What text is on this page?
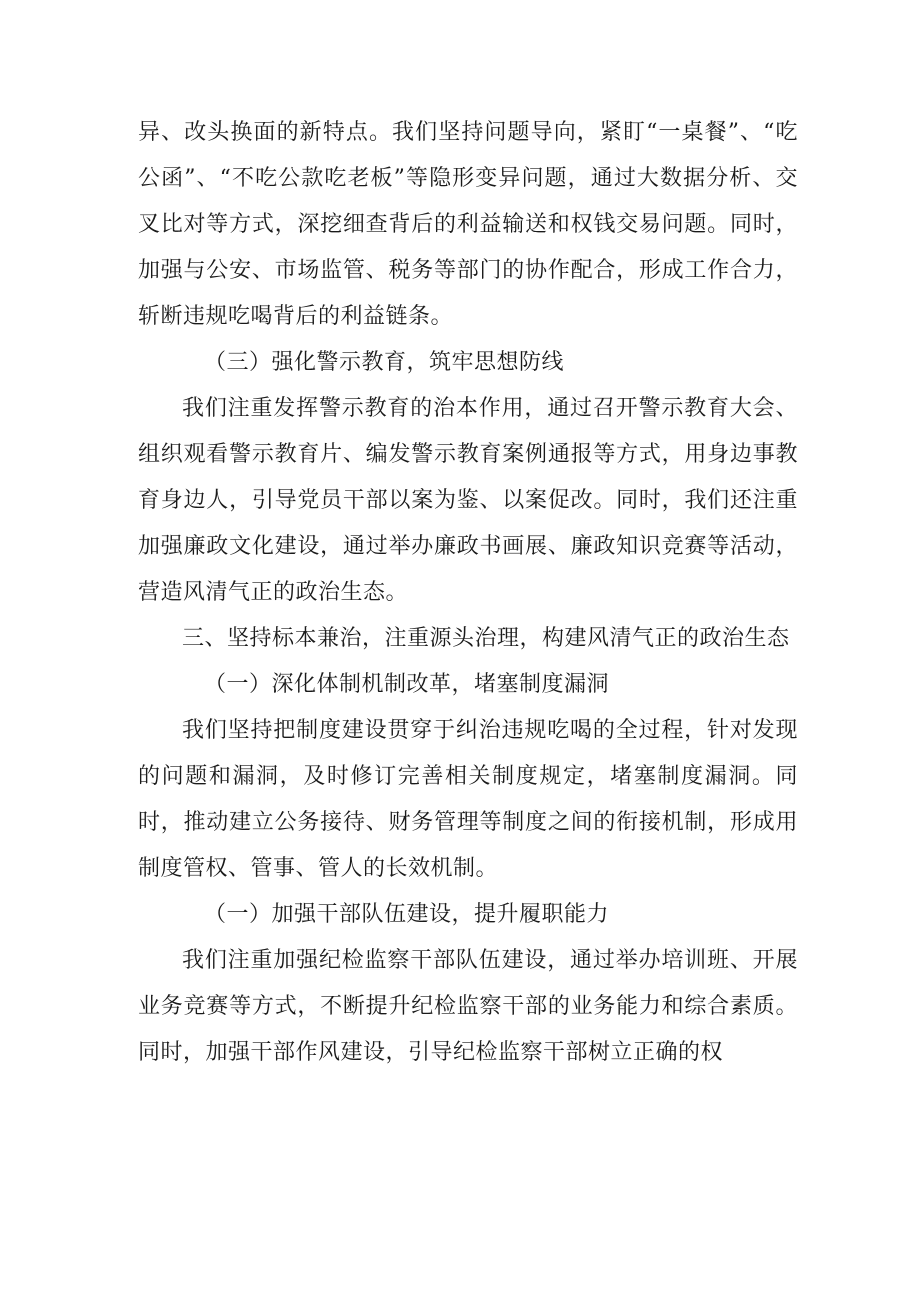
异、改头换面的新特点。我们坚持问题导向，紧盯“一桌餐”、“吃公函”、“不吃公款吃老板”等隐形变异问题，通过大数据分析、交叉比对等方式，深挖细查背后的利益输送和权钱交易问题。同时，加强与公安、市场监管、税务等部门的协作配合，形成工作合力，斩断违规吃喝背后的利益链条。

（三）强化警示教育，筑牢思想防线

我们注重发挥警示教育的治本作用，通过召开警示教育大会、组织观看警示教育片、编发警示教育案例通报等方式，用身边事教育身边人，引导党员干部以案为鉴、以案促改。同时，我们还注重加强廉政文化建设，通过举办廉政书画展、廉政知识竞赛等活动，营造风清气正的政治生态。

三、坚持标本兼治，注重源头治理，构建风清气正的政治生态

（一）深化体制机制改革，堵塞制度漏洞

我们坚持把制度建设贯穿于纠治违规吃喝的全过程，针对发现的问题和漏洞，及时修订完善相关制度规定，堵塞制度漏洞。同时，推动建立公务接待、财务管理等制度之间的衔接机制，形成用制度管权、管事、管人的长效机制。

（一）加强干部队伍建设，提升履职能力

我们注重加强纪检监察干部队伍建设，通过举办培训班、开展业务竞赛等方式，不断提升纪检监察干部的业务能力和综合素质。同时，加强干部作风建设，引导纪检监察干部树立正确的权
